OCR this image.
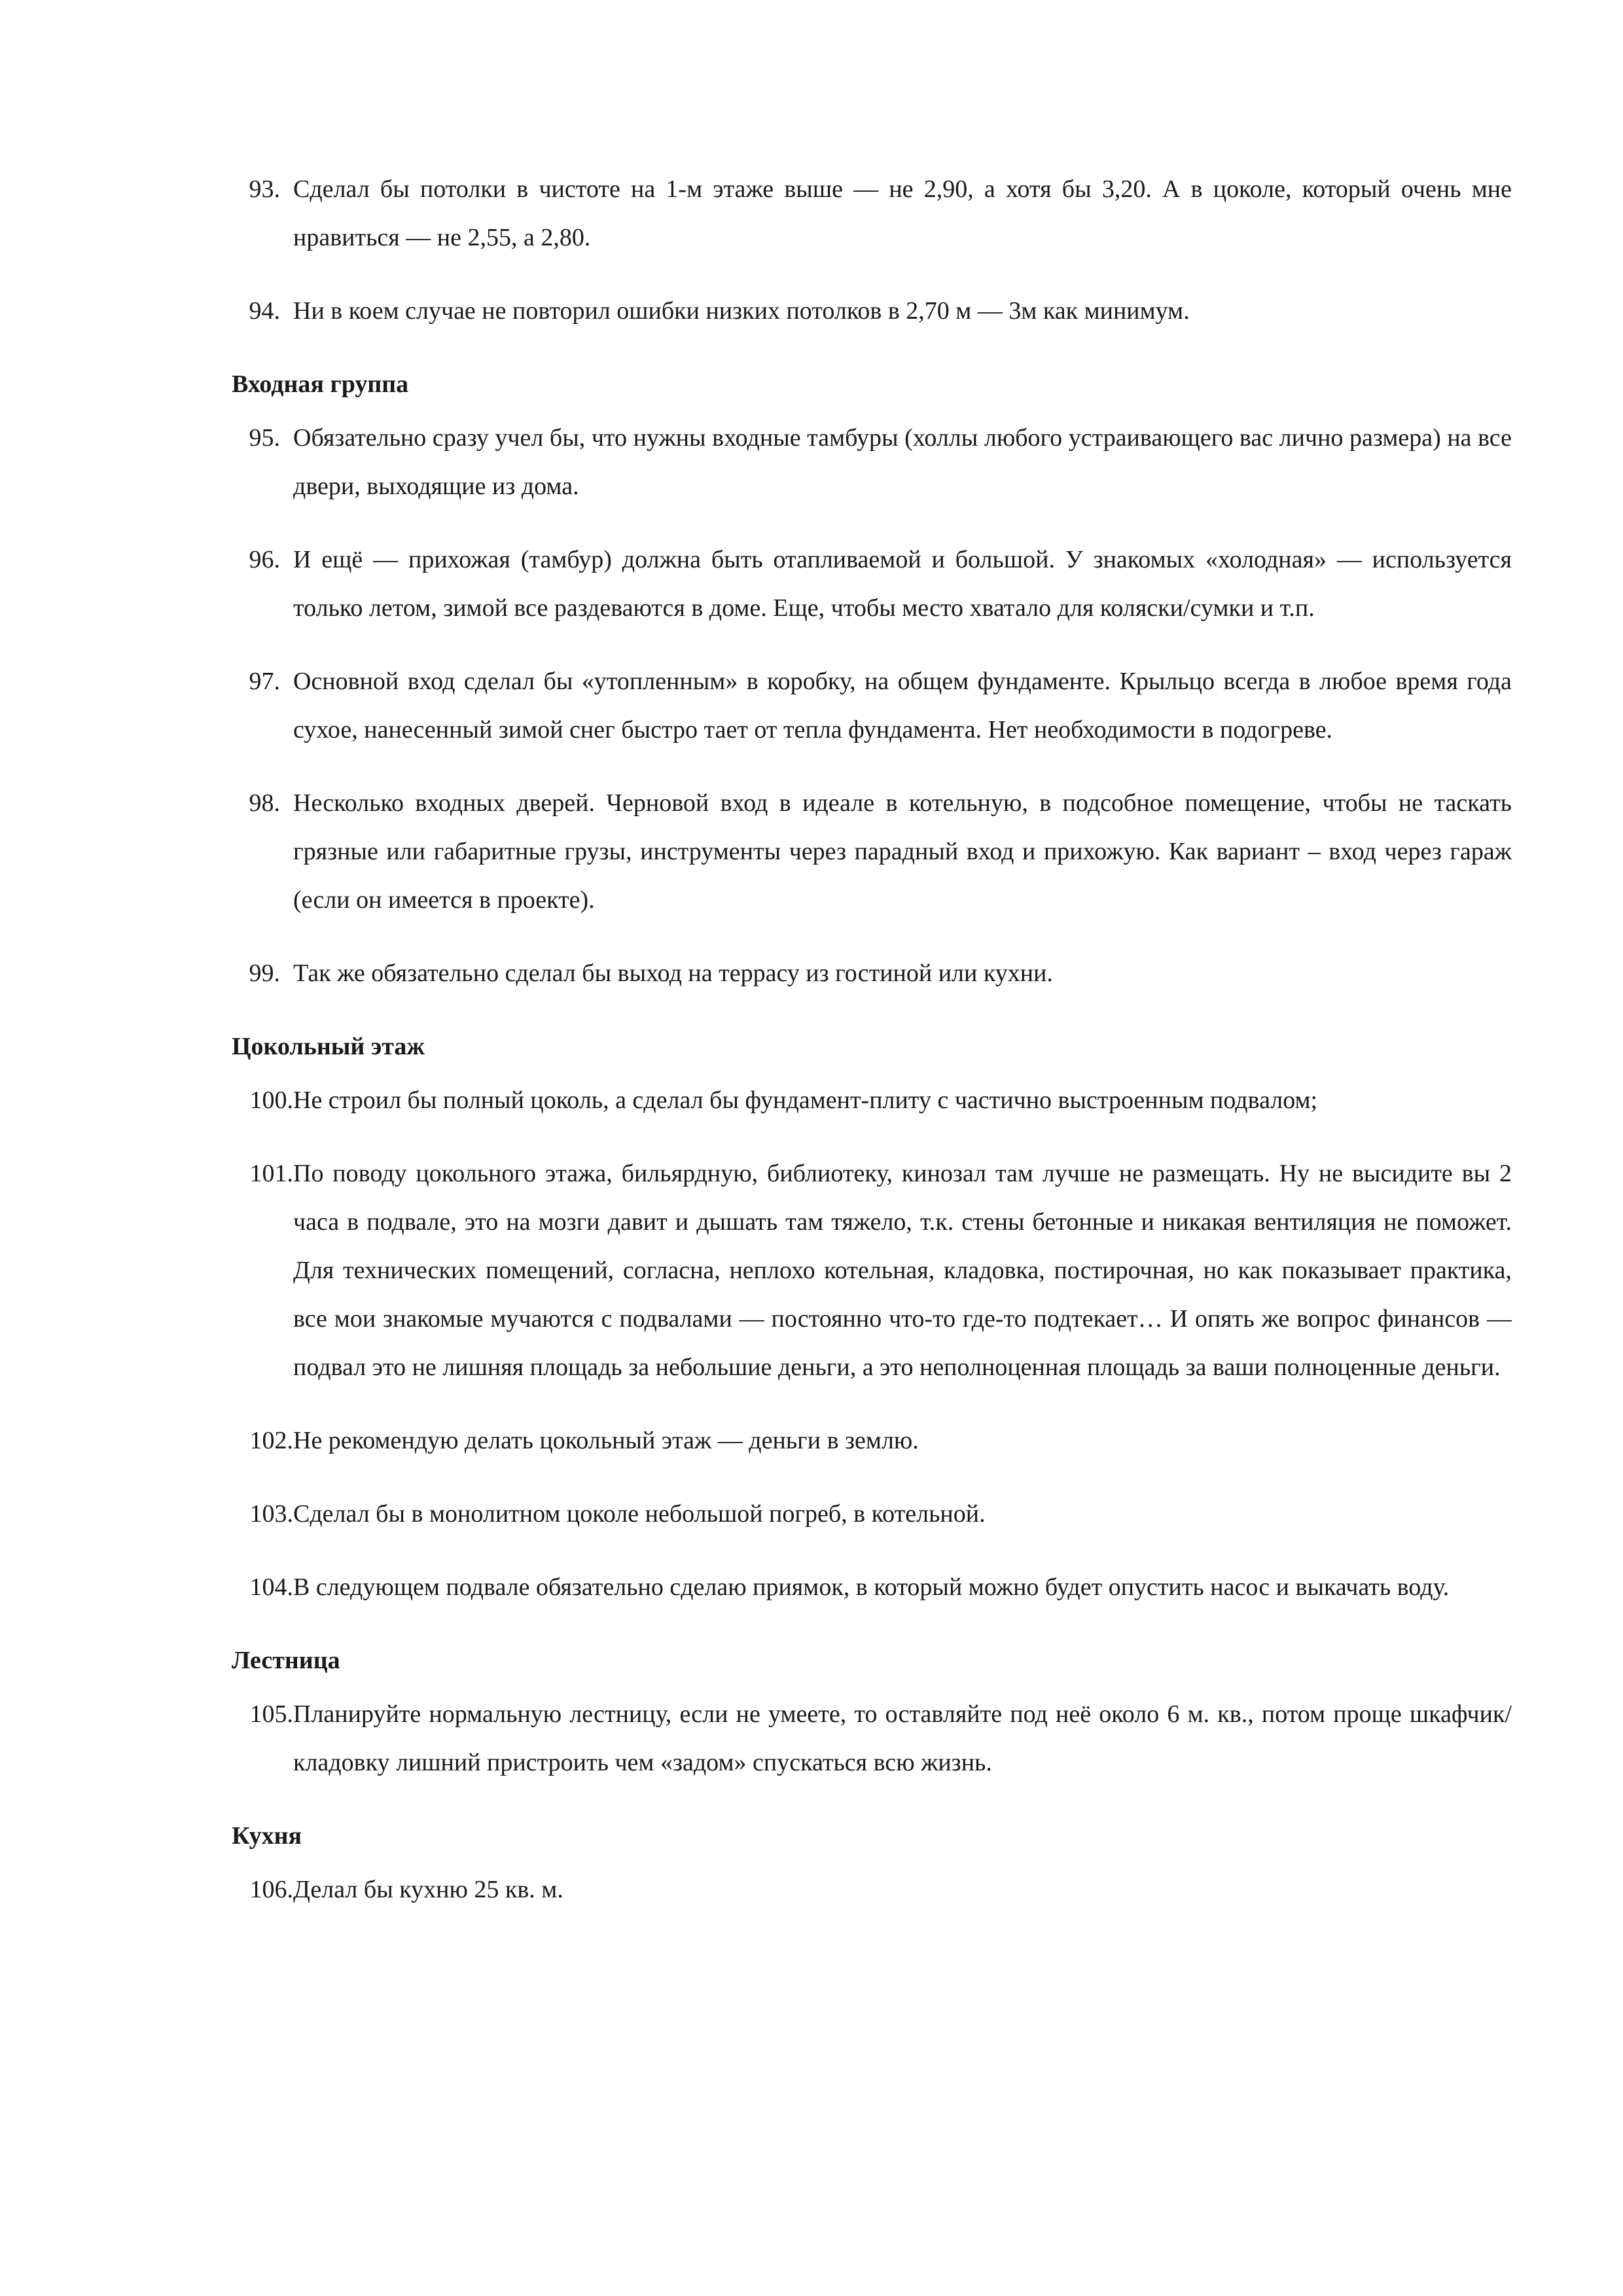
93. Сделал бы потолки в чистоте на 1-м этаже выше — не 2,90, а хотя бы 3,20. А в цоколе, который очень мне нравиться — не 2,55, а 2,80.
94. Ни в коем случае не повторил ошибки низких потолков в 2,70 м — 3м как минимум.
Входная группа
95. Обязательно сразу учел бы, что нужны входные тамбуры (холлы любого устраивающего вас лично размера) на все двери, выходящие из дома.
96. И ещё — прихожая (тамбур) должна быть отапливаемой и большой. У знакомых «холодная» — используется только летом, зимой все раздеваются в доме. Еще, чтобы место хватало для коляски/сумки и т.п.
97. Основной вход сделал бы «утопленным» в коробку, на общем фундаменте. Крыльцо всегда в любое время года сухое, нанесенный зимой снег быстро тает от тепла фундамента. Нет необходимости в подогреве.
98. Несколько входных дверей. Черновой вход в идеале в котельную, в подсобное помещение, чтобы не таскать грязные или габаритные грузы, инструменты через парадный вход и прихожую. Как вариант – вход через гараж (если он имеется в проекте).
99. Так же обязательно сделал бы выход на террасу из гостиной или кухни.
Цокольный этаж
100. Не строил бы полный цоколь, а сделал бы фундамент-плиту с частично выстроенным подвалом;
101. По поводу цокольного этажа, бильярдную, библиотеку, кинозал там лучше не размещать. Ну не высидите вы 2 часа в подвале, это на мозги давит и дышать там тяжело, т.к. стены бетонные и никакая вентиляция не поможет. Для технических помещений, согласна, неплохо котельная, кладовка, постирочная, но как показывает практика, все мои знакомые мучаются с подвалами — постоянно что-то где-то подтекает… И опять же вопрос финансов — подвал это не лишняя площадь за небольшие деньги, а это неполноценная площадь за ваши полноценные деньги.
102. Не рекомендую делать цокольный этаж — деньги в землю.
103. Сделал бы в монолитном цоколе небольшой погреб, в котельной.
104. В следующем подвале обязательно сделаю приямок, в который можно будет опустить насос и выкачать воду.
Лестница
105. Планируйте нормальную лестницу, если не умеете, то оставляйте под неё около 6 м. кв., потом проще шкафчик/кладовку лишний пристроить чем «задом» спускаться всю жизнь.
Кухня
106. Делал бы кухню 25 кв. м.
